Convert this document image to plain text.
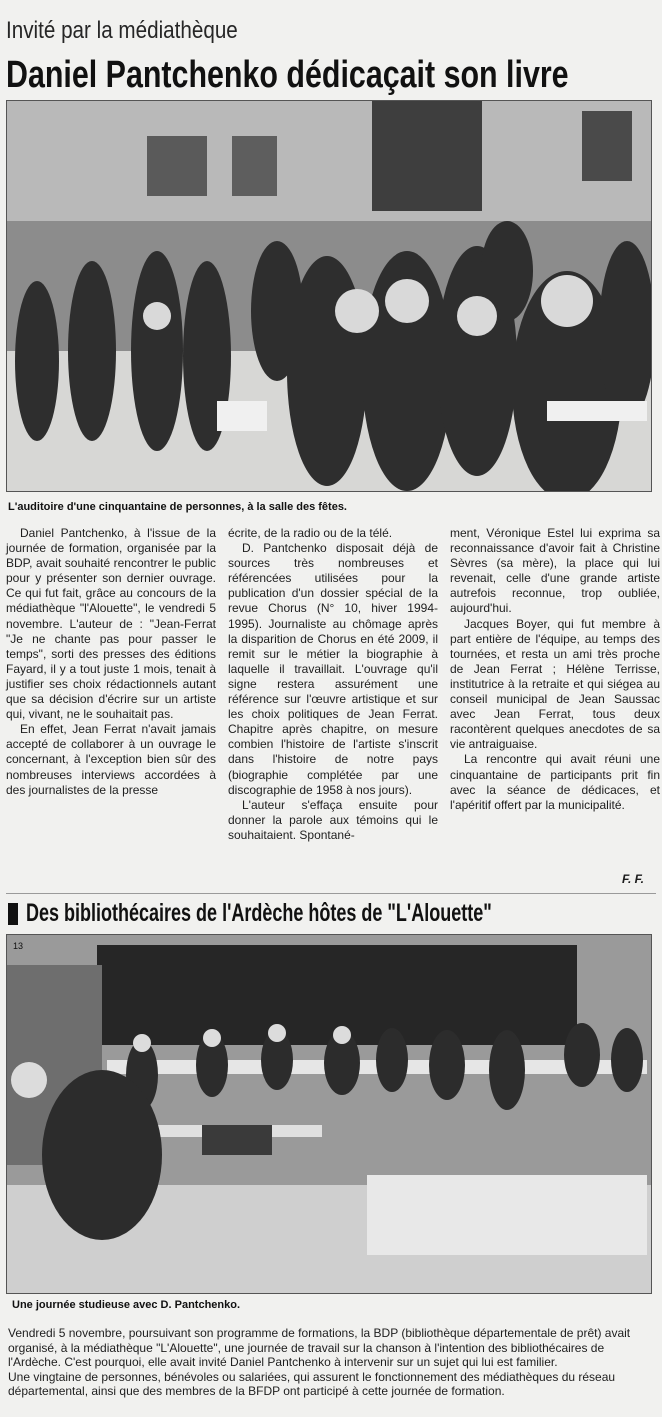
Invité par la médiathèque
Daniel Pantchenko dédicaçait son livre
L'auditoire d'une cinquantaine de personnes, à la salle des fêtes.

Daniel Pantchenko, à l'issue de la journée de formation, organisée par la BDP, avait souhaité rencontrer le public pour y présenter son dernier ouvrage. Ce qui fut fait, grâce au concours de la médiathèque "l'Alouette", le vendredi 5 novembre. L'auteur de : "Jean-Ferrat "Je ne chante pas pour passer le temps", sorti des presses des éditions Fayard, il y a tout juste 1 mois, tenait à justifier ses choix rédactionnels autant que sa décision d'écrire sur un artiste qui, vivant, ne le souhaitait pas.

En effet, Jean Ferrat n'avait jamais accepté de collaborer à un ouvrage le concernant, à l'exception bien sûr des nombreuses interviews accordées à des journalistes de la presse

écrite, de la radio ou de la télé.

D. Pantchenko disposait déjà de sources très nombreuses et référencées utilisées pour la publication d'un dossier spécial de la revue Chorus (N° 10, hiver 1994-1995). Journaliste au chômage après la disparition de Chorus en été 2009, il remit sur le métier la biographie à laquelle il travaillait. L'ouvrage qu'il signe restera assurément une référence sur l'œuvre artistique et sur les choix politiques de Jean Ferrat. Chapitre après chapitre, on mesure combien l'histoire de l'artiste s'inscrit dans l'histoire de notre pays (biographie complétée par une discographie de 1958 à nos jours).

L'auteur s'effaça ensuite pour donner la parole aux témoins qui le souhaitaient. Spontané-

ment, Véronique Estel lui exprima sa reconnaissance d'avoir fait à Christine Sèvres (sa mère), la place qui lui revenait, celle d'une grande artiste autrefois reconnue, trop oubliée, aujourd'hui.

Jacques Boyer, qui fut membre à part entière de l'équipe, au temps des tournées, et resta un ami très proche de Jean Ferrat ; Hélène Terrisse, institutrice à la retraite et qui siégea au conseil municipal de Jean Saussac avec Jean Ferrat, tous deux racontèrent quelques anecdotes de sa vie antraiguaise.

La rencontre qui avait réuni une cinquantaine de participants prit fin avec la séance de dédicaces, et l'apéritif offert par la municipalité.

F. F.
Des bibliothécaires de l'Ardèche hôtes de "L'Alouette"
13
Une journée studieuse avec D. Pantchenko.

Vendredi 5 novembre, poursuivant son programme de formations, la BDP (bibliothèque départementale de prêt) avait organisé, à la médiathèque "L'Alouette", une journée de travail sur la chanson à l'intention des bibliothécaires de l'Ardèche. C'est pourquoi, elle avait invité Daniel Pantchenko à intervenir sur un sujet qui lui est familier.

Une vingtaine de personnes, bénévoles ou salariées, qui assurent le fonctionnement des médiathèques du réseau départemental, ainsi que des membres de la BFDP ont participé à cette journée de formation.
